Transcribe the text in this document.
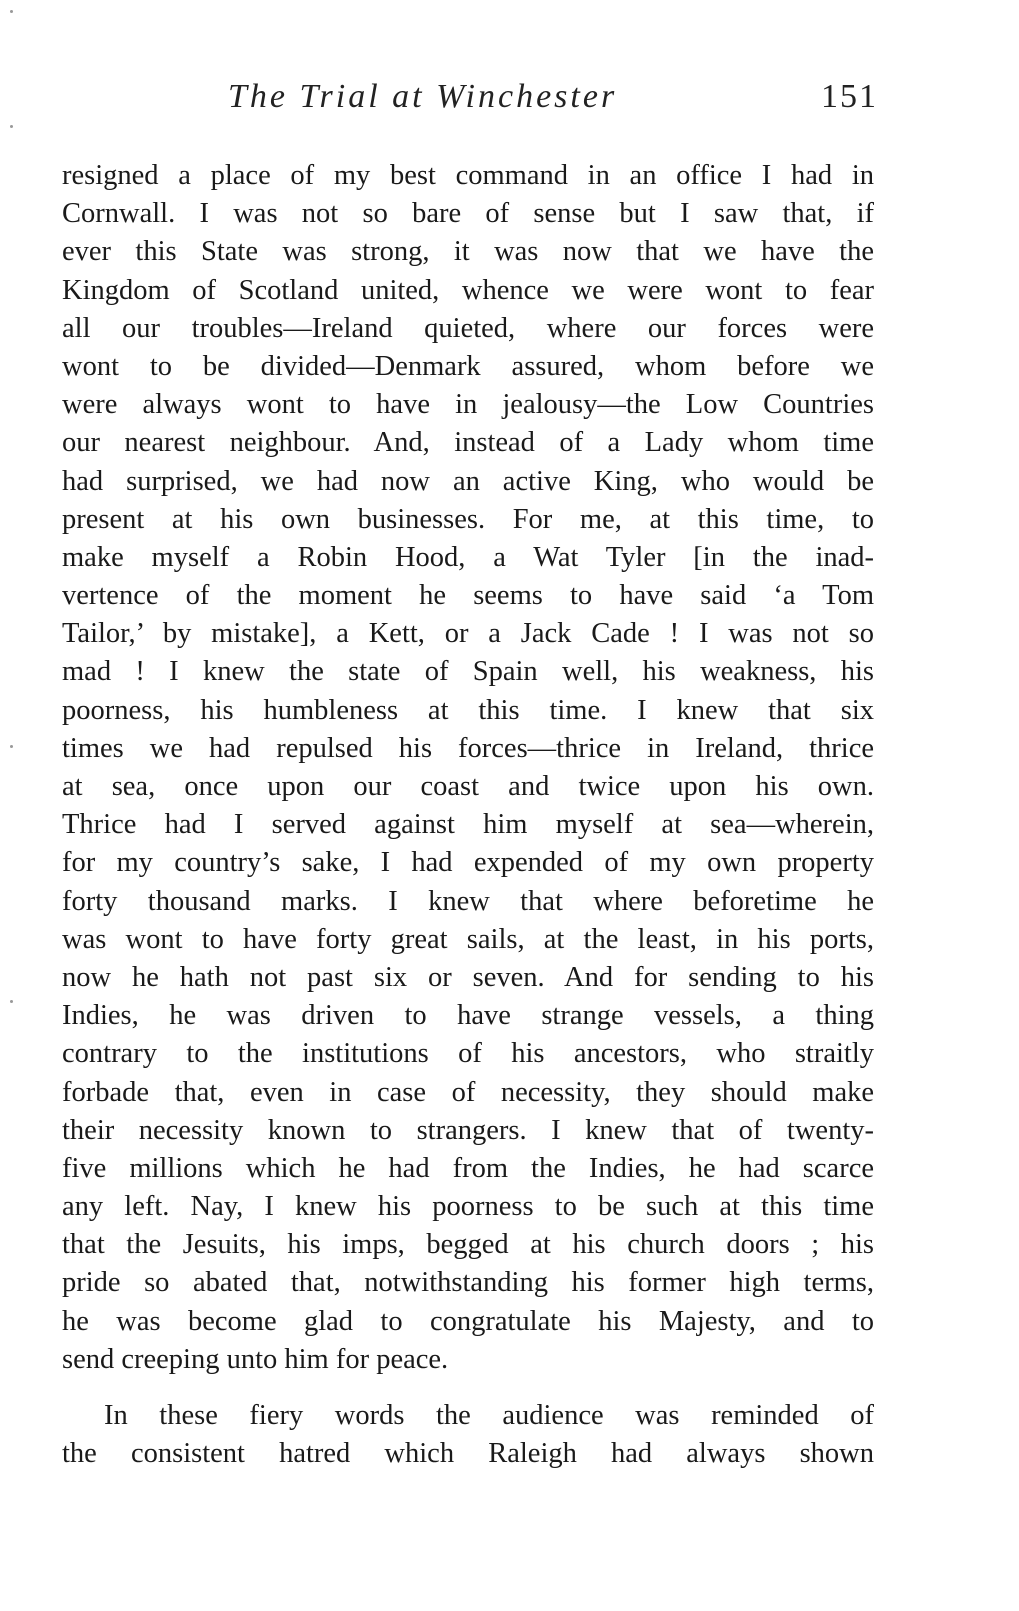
The Trial at Winchester	151
resigned a place of my best command in an office I had in
Cornwall. I was not so bare of sense but I saw that, if
ever this State was strong, it was now that we have the
Kingdom of Scotland united, whence we were wont to fear
all our troubles—Ireland quieted, where our forces were
wont to be divided—Denmark assured, whom before we
were always wont to have in jealousy—the Low Countries
our nearest neighbour. And, instead of a Lady whom time
had surprised, we had now an active King, who would be
present at his own businesses. For me, at this time, to
make myself a Robin Hood, a Wat Tyler [in the inad-
vertence of the moment he seems to have said ‘a Tom
Tailor,’ by mistake], a Kett, or a Jack Cade ! I was not so
mad ! I knew the state of Spain well, his weakness, his
poorness, his humbleness at this time. I knew that six
times we had repulsed his forces—thrice in Ireland, thrice
at sea, once upon our coast and twice upon his own.
Thrice had I served against him myself at sea—wherein,
for my country’s sake, I had expended of my own property
forty thousand marks. I knew that where beforetime he
was wont to have forty great sails, at the least, in his ports,
now he hath not past six or seven. And for sending to his
Indies, he was driven to have strange vessels, a thing
contrary to the institutions of his ancestors, who straitly
forbade that, even in case of necessity, they should make
their necessity known to strangers. I knew that of twenty-
five millions which he had from the Indies, he had scarce
any left. Nay, I knew his poorness to be such at this time
that the Jesuits, his imps, begged at his church doors ; his
pride so abated that, notwithstanding his former high terms,
he was become glad to congratulate his Majesty, and to
send creeping unto him for peace.
In these fiery words the audience was reminded of
the consistent hatred which Raleigh had always shown
